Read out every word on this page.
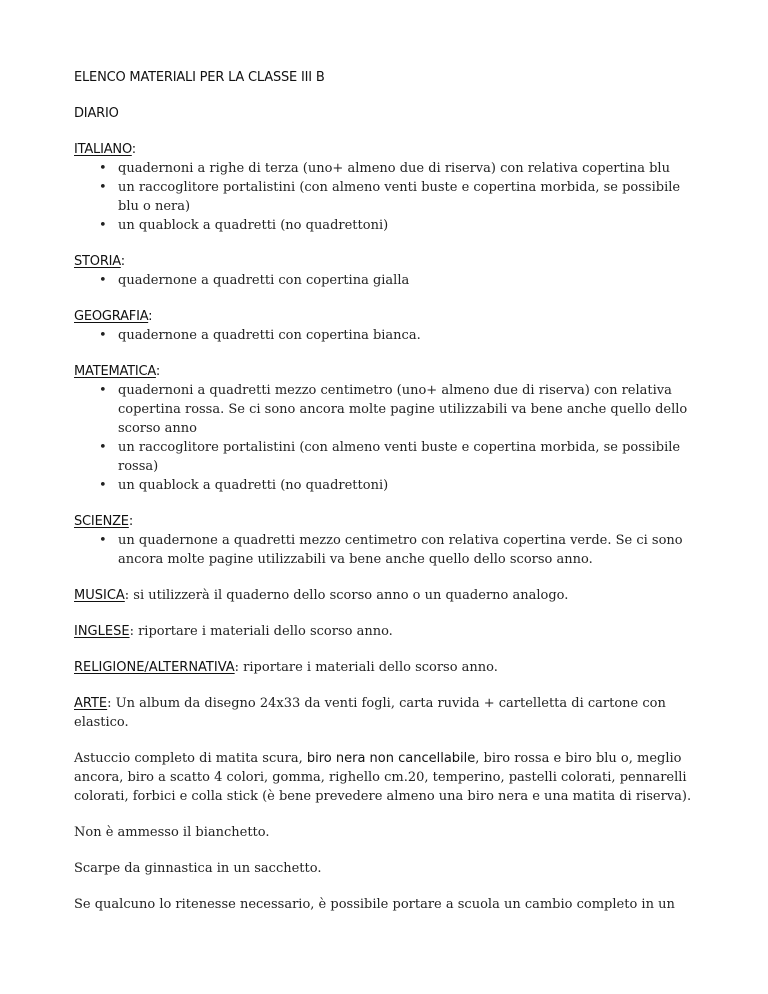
ELENCO MATERIALI PER LA CLASSE III B
DIARIO
ITALIANO:
• quadernoni a righe di terza (uno+ almeno due di riserva) con relativa copertina blu
• un raccoglitore portalistini (con almeno venti buste e copertina morbida, se possibile blu o nera)
• un quablock a quadretti (no quadrettoni)
STORIA:
• quadernone a quadretti con copertina gialla
GEOGRAFIA:
• quadernone a quadretti con copertina bianca.
MATEMATICA:
• quadernoni a quadretti mezzo centimetro (uno+ almeno due di riserva) con relativa copertina rossa. Se ci sono ancora molte pagine utilizzabili va bene anche quello dello scorso anno
• un raccoglitore portalistini (con almeno venti buste e copertina morbida, se possibile rossa)
• un quablock a quadretti (no quadrettoni)
SCIENZE:
• un quadernone a quadretti mezzo centimetro con relativa copertina verde. Se ci sono ancora molte pagine utilizzabili va bene anche quello dello scorso anno.

MUSICA: si utilizzerà il quaderno dello scorso anno o un quaderno analogo.

INGLESE: riportare i materiali dello scorso anno.

RELIGIONE/ALTERNATIVA: riportare i materiali dello scorso anno.

ARTE: Un album da disegno 24x33 da venti fogli, carta ruvida + cartelletta di cartone con elastico.

Astuccio completo di matita scura, biro nera non cancellabile, biro rossa e biro blu o, meglio ancora, biro a scatto 4 colori, gomma, righello cm.20, temperino, pastelli colorati, pennarelli colorati, forbici e colla stick (è bene prevedere almeno una biro nera e una matita di riserva).

Non è ammesso il bianchetto.

Scarpe da ginnastica in un sacchetto.

Se qualcuno lo ritenesse necessario, è possibile portare a scuola un cambio completo in un
